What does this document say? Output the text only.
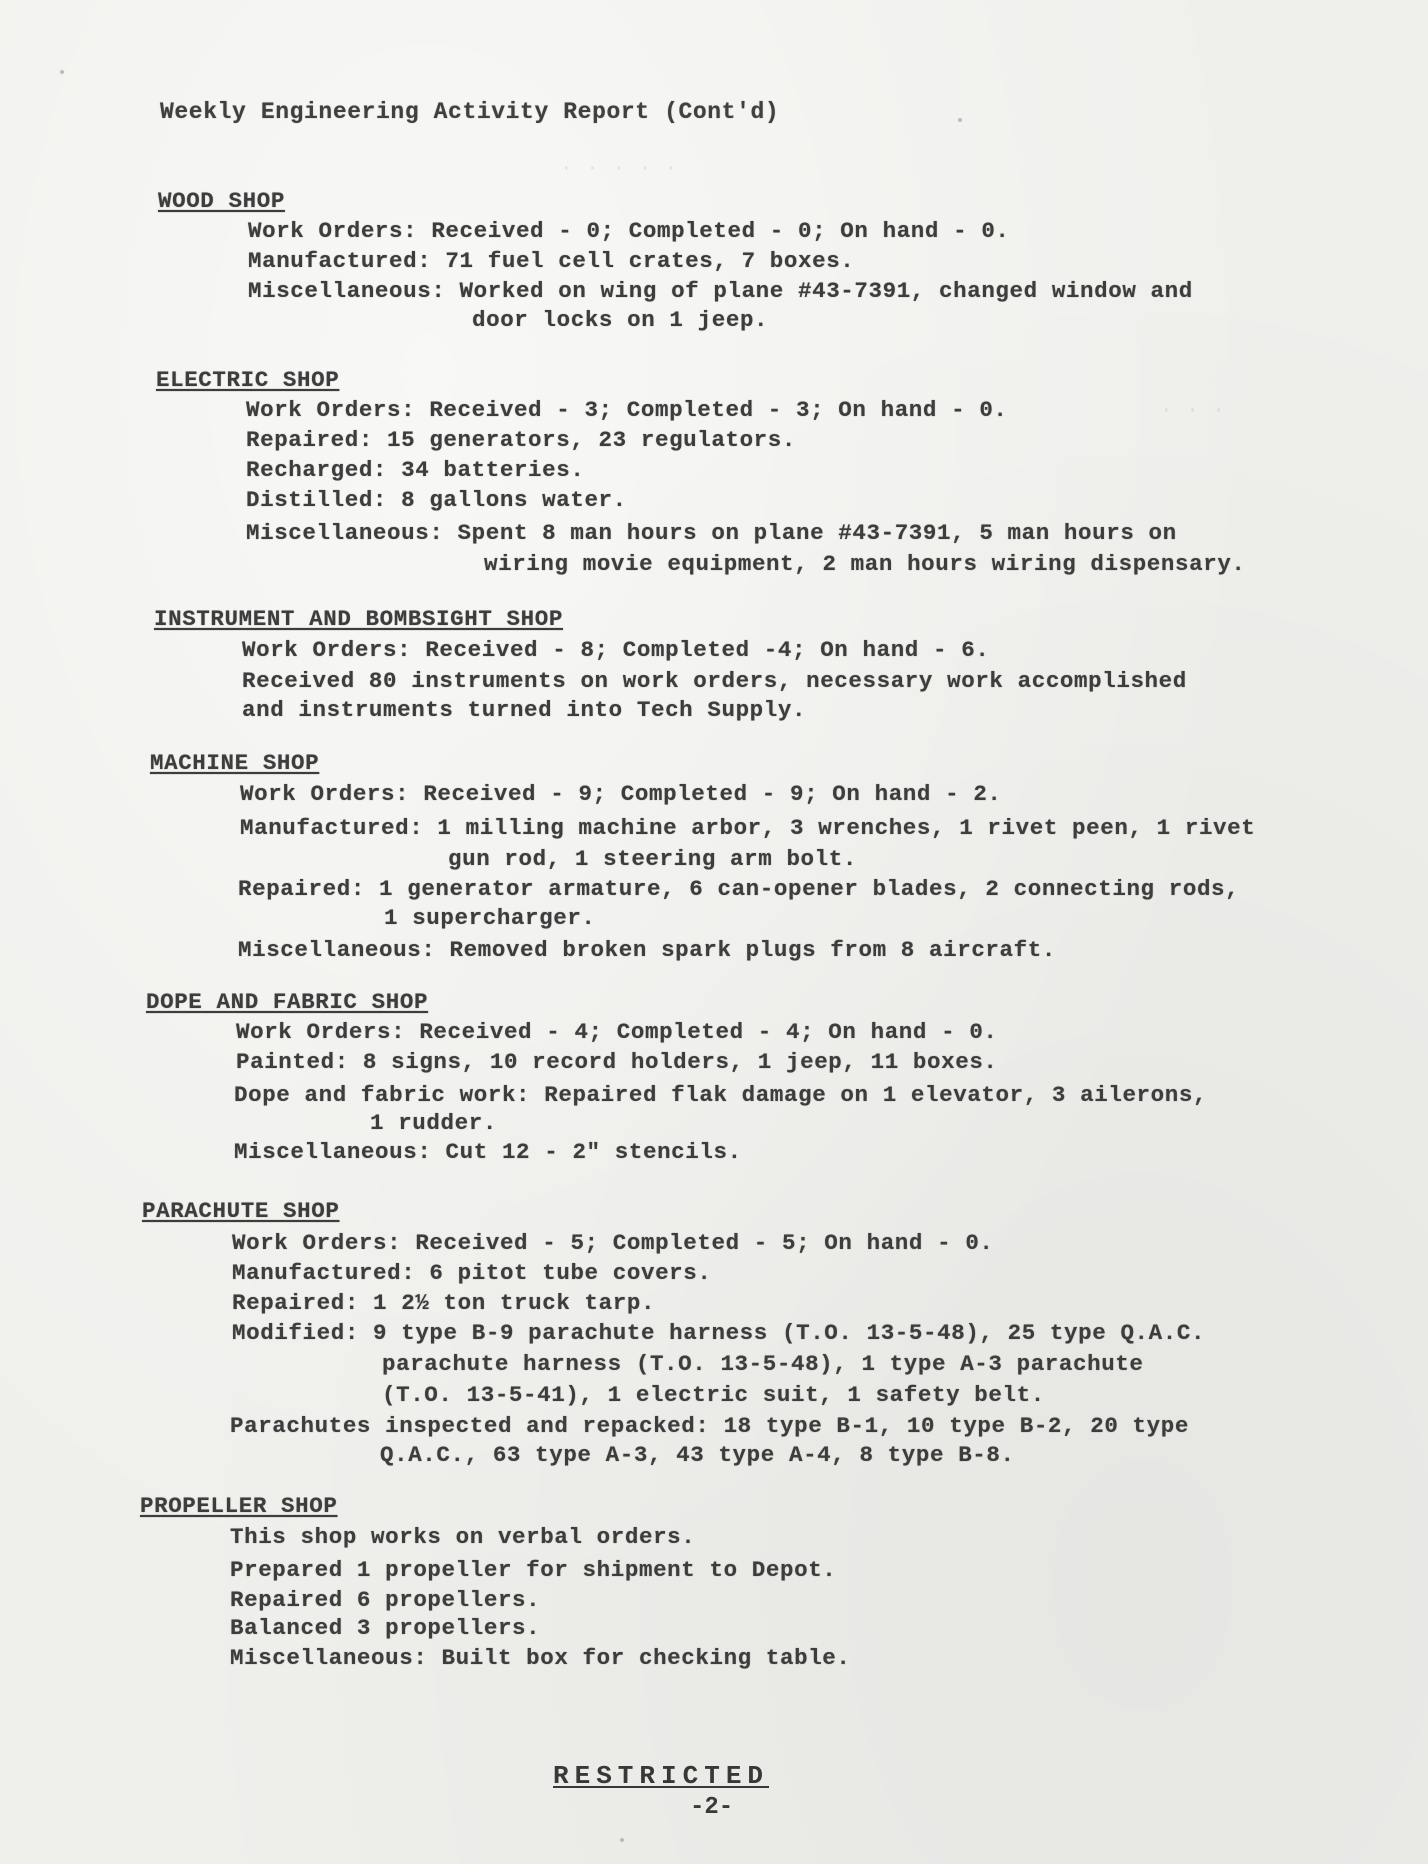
· · · · ·
· · ·
Weekly Engineering Activity Report (Cont'd)
WOOD SHOP
Work Orders: Received - 0; Completed - 0; On hand - 0.
Manufactured: 71 fuel cell crates, 7 boxes.
Miscellaneous: Worked on wing of plane #43-7391, changed window and
door locks on 1 jeep.
ELECTRIC SHOP
Work Orders: Received - 3; Completed - 3; On hand - 0.
Repaired: 15 generators, 23 regulators.
Recharged: 34 batteries.
Distilled: 8 gallons water.
Miscellaneous: Spent 8 man hours on plane #43-7391, 5 man hours on
wiring movie equipment, 2 man hours wiring dispensary.
INSTRUMENT AND BOMBSIGHT SHOP
Work Orders: Received - 8; Completed -4; On hand - 6.
Received 80 instruments on work orders, necessary work accomplished
and instruments turned into Tech Supply.
MACHINE SHOP
Work Orders: Received - 9; Completed - 9; On hand - 2.
Manufactured: 1 milling machine arbor, 3 wrenches, 1 rivet peen, 1 rivet
gun rod, 1 steering arm bolt.
Repaired: 1 generator armature, 6 can-opener blades, 2 connecting rods,
1 supercharger.
Miscellaneous: Removed broken spark plugs from 8 aircraft.
DOPE AND FABRIC SHOP
Work Orders: Received - 4; Completed - 4; On hand - 0.
Painted: 8 signs, 10 record holders, 1 jeep, 11 boxes.
Dope and fabric work: Repaired flak damage on 1 elevator, 3 ailerons,
1 rudder.
Miscellaneous: Cut 12 - 2" stencils.
PARACHUTE SHOP
Work Orders: Received - 5; Completed - 5; On hand - 0.
Manufactured: 6 pitot tube covers.
Repaired: 1 2½ ton truck tarp.
Modified: 9 type B-9 parachute harness (T.O. 13-5-48), 25 type Q.A.C.
parachute harness (T.O. 13-5-48), 1 type A-3 parachute
(T.O. 13-5-41), 1 electric suit, 1 safety belt.
Parachutes inspected and repacked: 18 type B-1, 10 type B-2, 20 type
Q.A.C., 63 type A-3, 43 type A-4, 8 type B-8.
PROPELLER SHOP
This shop works on verbal orders.
Prepared 1 propeller for shipment to Depot.
Repaired 6 propellers.
Balanced 3 propellers.
Miscellaneous: Built box for checking table.
RESTRICTED
-2-
